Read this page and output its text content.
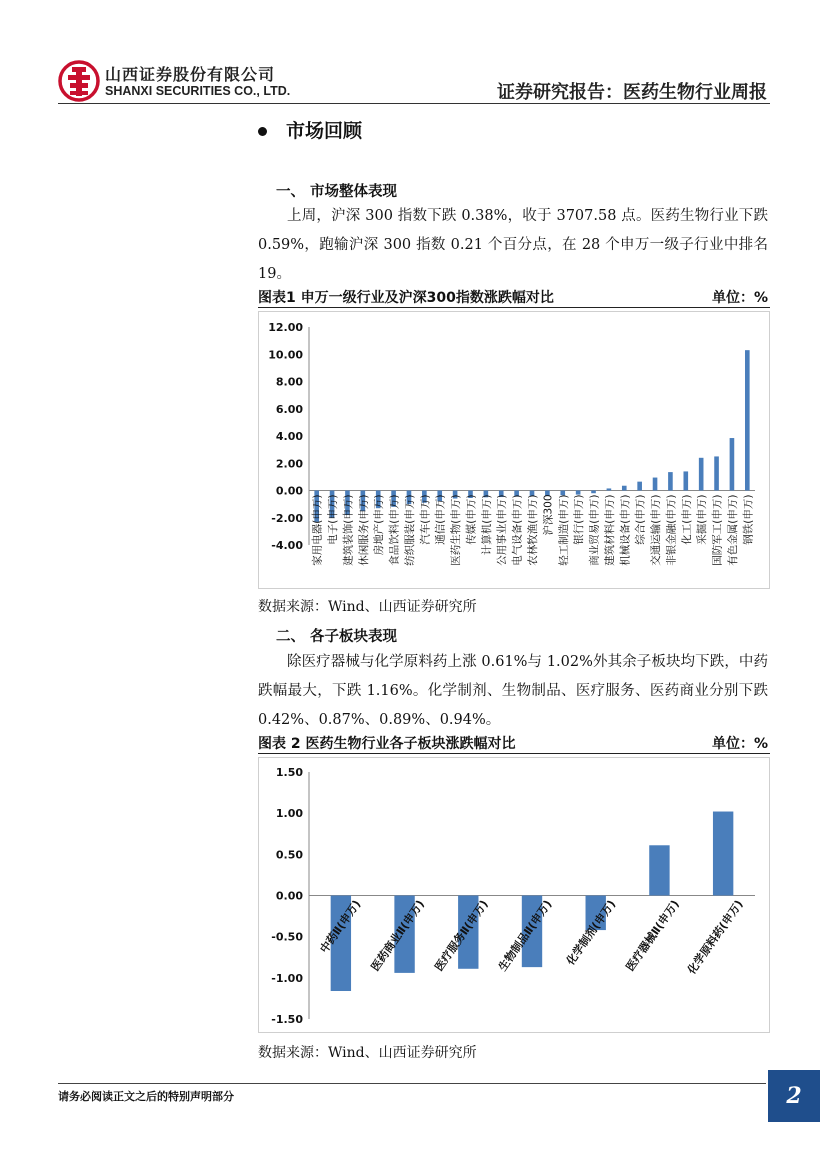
山西证券股份有限公司
SHANXI SECURITIES CO., LTD.	证券研究报告：医药生物行业周报
市场回顾
一、 市场整体表现
上周，沪深 300 指数下跌 0.38%，收于 3707.58 点。医药生物行业下跌 0.59%，跑输沪深 300 指数 0.21 个百分点，在 28 个申万一级子行业中排名 19。
图表1 申万一级行业及沪深300指数涨跌幅对比	单位：%
12.00
10.00
8.00
6.00
4.00
2.00
0.00
-2.00
-4.00 家用电器(申万) 电子(申万) 建筑装饰(申万) 休闲服务(申万) 房地产(申万) 食品饮料(申万) 纺织服装(申万) 汽车(申万) 通信(申万) 医药生物(申万) 传媒(申万) 计算机(申万) 公用事业(申万) 电气设备(申万) 农林牧渔(申万) 沪深300 轻工制造(申万) 银行(申万) 商业贸易(申万) 建筑材料(申万) 机械设备(申万) 综合(申万) 交通运输(申万) 非银金融(申万) 化工(申万) 采掘(申万) 国防军工(申万) 有色金属(申万) 钢铁(申万)
数据来源：Wind、山西证券研究所
二、 各子板块表现
除医疗器械与化学原料药上涨 0.61%与 1.02%外其余子板块均下跌，中药跌幅最大，下跌 1.16%。化学制剂、生物制品、医疗服务、医药商业分别下跌 0.42%、0.87%、0.89%、0.94%。
图表 2 医药生物行业各子板块涨跌幅对比	单位：%
1.50
1.00
0.50
0.00
-0.50
-1.00
-1.50
中药Ⅱ(申万) 医药商业Ⅱ(申万) 医疗服务Ⅱ(申万) 生物制品Ⅱ(申万) 化学制剂(申万) 医疗器械Ⅱ(申万) 化学原料药(申万)
数据来源：Wind、山西证券研究所
请务必阅读正文之后的特别声明部分	2
